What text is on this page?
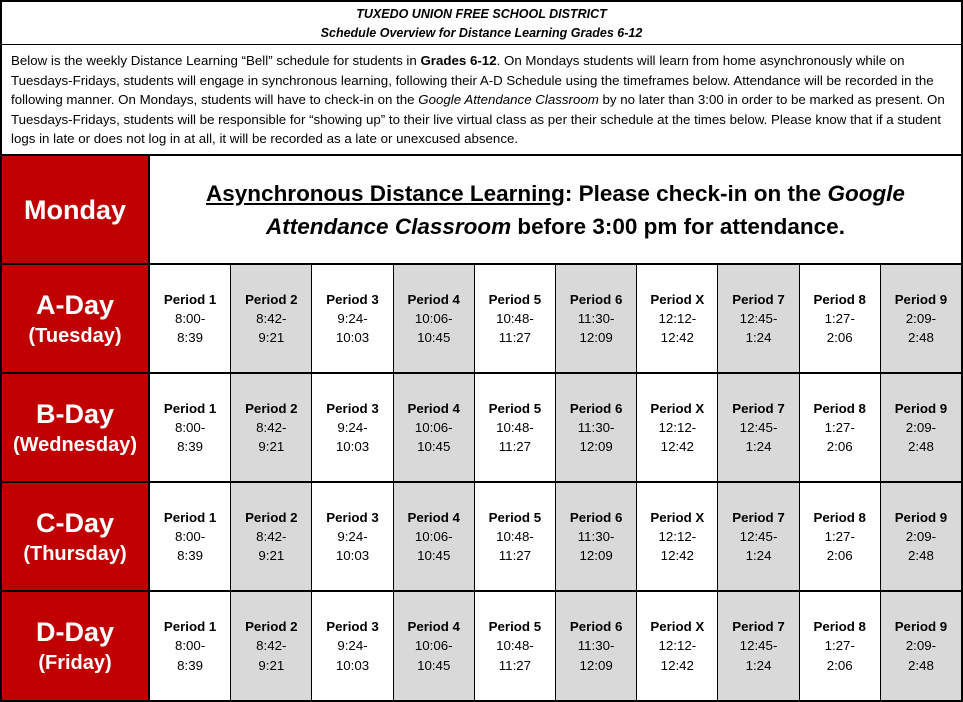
TUXEDO UNION FREE SCHOOL DISTRICT
Schedule Overview for Distance Learning Grades 6-12
Below is the weekly Distance Learning “Bell” schedule for students in Grades 6-12. On Mondays students will learn from home asynchronously while on Tuesdays-Fridays, students will engage in synchronous learning, following their A-D Schedule using the timeframes below. Attendance will be recorded in the following manner. On Mondays, students will have to check-in on the Google Attendance Classroom by no later than 3:00 in order to be marked as present. On Tuesdays-Fridays, students will be responsible for “showing up” to their live virtual class as per their schedule at the times below. Please know that if a student logs in late or does not log in at all, it will be recorded as a late or unexcused absence.
Monday
Asynchronous Distance Learning: Please check-in on the Google Attendance Classroom before 3:00 pm for attendance.
A-Day
(Tuesday)
Period 1
8:00-
8:39
Period 2
8:42-
9:21
Period 3
9:24-
10:03
Period 4
10:06-
10:45
Period 5
10:48-
11:27
Period 6
11:30-
12:09
Period X
12:12-
12:42
Period 7
12:45-
1:24
Period 8
1:27-
2:06
Period 9
2:09-
2:48
B-Day
(Wednesday)
Period 1
8:00-
8:39
Period 2
8:42-
9:21
Period 3
9:24-
10:03
Period 4
10:06-
10:45
Period 5
10:48-
11:27
Period 6
11:30-
12:09
Period X
12:12-
12:42
Period 7
12:45-
1:24
Period 8
1:27-
2:06
Period 9
2:09-
2:48
C-Day
(Thursday)
Period 1
8:00-
8:39
Period 2
8:42-
9:21
Period 3
9:24-
10:03
Period 4
10:06-
10:45
Period 5
10:48-
11:27
Period 6
11:30-
12:09
Period X
12:12-
12:42
Period 7
12:45-
1:24
Period 8
1:27-
2:06
Period 9
2:09-
2:48
D-Day
(Friday)
Period 1
8:00-
8:39
Period 2
8:42-
9:21
Period 3
9:24-
10:03
Period 4
10:06-
10:45
Period 5
10:48-
11:27
Period 6
11:30-
12:09
Period X
12:12-
12:42
Period 7
12:45-
1:24
Period 8
1:27-
2:06
Period 9
2:09-
2:48
